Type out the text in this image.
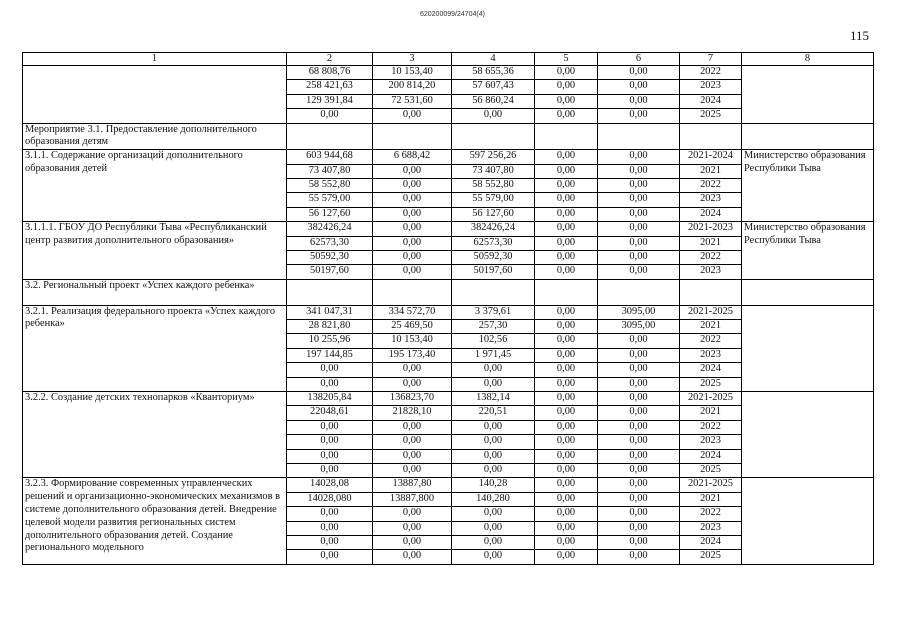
620200099/24704(4)
115
1	2	3	4	5	6	7	8
	68 808,76	10 153,40	58 655,36	0,00	0,00	2022	
	258 421,63	200 814,20	57 607,43	0,00	0,00	2023	
	129 391,84	72 531,60	56 860,24	0,00	0,00	2024	
	0,00	0,00	0,00	0,00	0,00	2025	
Мероприятие 3.1. Предоставление дополнительного образования детям							
3.1.1. Содержание организаций дополнительного образования детей	603 944,68	6 688,42	597 256,26	0,00	0,00	2021-2024	Министерство образования Республики Тыва
	73 407,80	0,00	73 407,80	0,00	0,00	2021	
	58 552,80	0,00	58 552,80	0,00	0,00	2022	
	55 579,00	0,00	55 579,00	0,00	0,00	2023	
	56 127,60	0,00	56 127,60	0,00	0,00	2024	
3.1.1.1. ГБОУ ДО Республики Тыва «Республиканский центр развития дополнительного образования»	382426,24	0,00	382426,24	0,00	0,00	2021-2023	Министерство образования Республики Тыва
	62573,30	0,00	62573,30	0,00	0,00	2021	
	50592,30	0,00	50592,30	0,00	0,00	2022	
	50197,60	0,00	50197,60	0,00	0,00	2023	
3.2. Региональный проект «Успех каждого ребенка»							
3.2.1. Реализация федерального проекта «Успех каждого ребенка»	341 047,31	334 572,70	3 379,61	0,00	3095,00	2021-2025	
	28 821,80	25 469,50	257,30	0,00	3095,00	2021	
	10 255,96	10 153,40	102,56	0,00	0,00	2022	
	197 144,85	195 173,40	1 971,45	0,00	0,00	2023	
	0,00	0,00	0,00	0,00	0,00	2024	
	0,00	0,00	0,00	0,00	0,00	2025	
3.2.2. Создание детских технопарков «Кванториум»	138205,84	136823,70	1382,14	0,00	0,00	2021-2025	
	22048,61	21828,10	220,51	0,00	0,00	2021	
	0,00	0,00	0,00	0,00	0,00	2022	
	0,00	0,00	0,00	0,00	0,00	2023	
	0,00	0,00	0,00	0,00	0,00	2024	
	0,00	0,00	0,00	0,00	0,00	2025	
3.2.3. Формирование современных управленческих решений и организационно-экономических механизмов в системе дополнительного образования детей. Внедрение целевой модели развития региональных систем дополнительного образования детей. Создание регионального модельного	14028,08	13887,80	140,28	0,00	0,00	2021-2025	
	14028,080	13887,800	140,280	0,00	0,00	2021	
	0,00	0,00	0,00	0,00	0,00	2022	
	0,00	0,00	0,00	0,00	0,00	2023	
	0,00	0,00	0,00	0,00	0,00	2024	
	0,00	0,00	0,00	0,00	0,00	2025	
